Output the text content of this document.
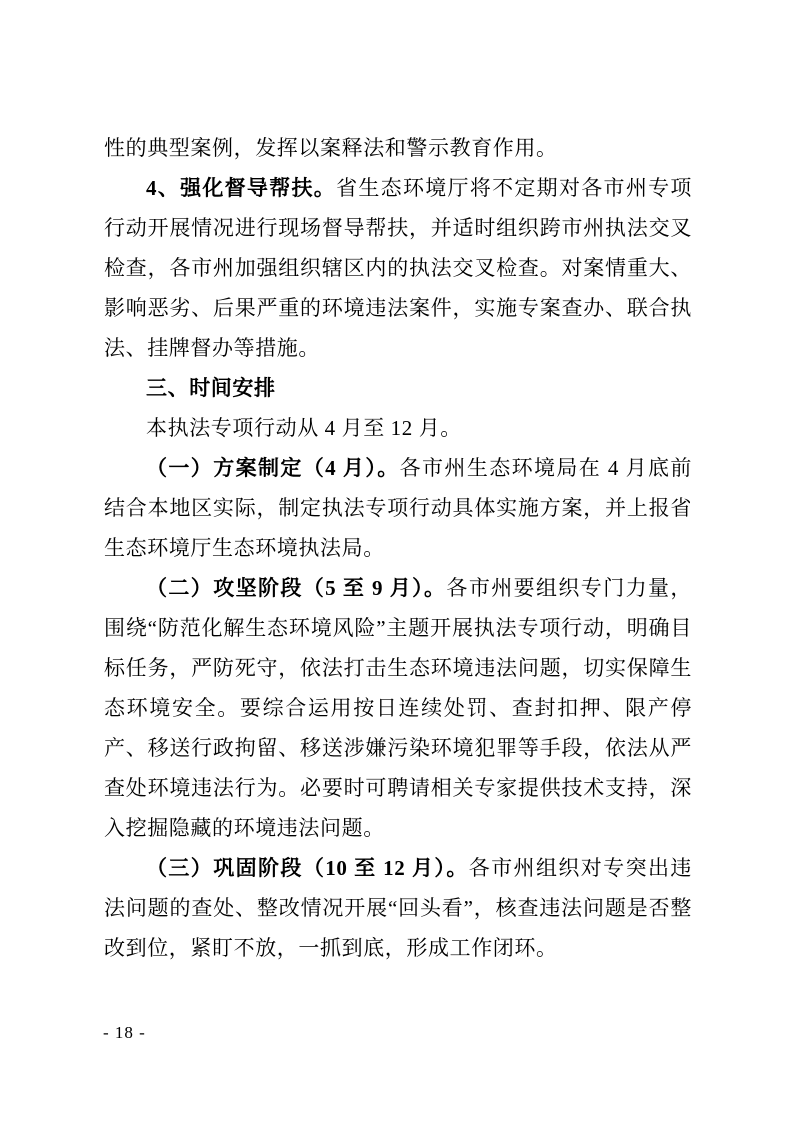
性的典型案例，发挥以案释法和警示教育作用。

4、强化督导帮扶。省生态环境厅将不定期对各市州专项行动开展情况进行现场督导帮扶，并适时组织跨市州执法交叉检查，各市州加强组织辖区内的执法交叉检查。对案情重大、影响恶劣、后果严重的环境违法案件，实施专案查办、联合执法、挂牌督办等措施。

三、时间安排

本执法专项行动从 4 月至 12 月。

（一）方案制定（4 月）。各市州生态环境局在 4 月底前结合本地区实际，制定执法专项行动具体实施方案，并上报省生态环境厅生态环境执法局。

（二）攻坚阶段（5 至 9 月）。各市州要组织专门力量，围绕“防范化解生态环境风险”主题开展执法专项行动，明确目标任务，严防死守，依法打击生态环境违法问题，切实保障生态环境安全。要综合运用按日连续处罚、查封扣押、限产停产、移送行政拘留、移送涉嫌污染环境犯罪等手段，依法从严查处环境违法行为。必要时可聘请相关专家提供技术支持，深入挖掘隐藏的环境违法问题。

（三）巩固阶段（10 至 12 月）。各市州组织对专突出违法问题的查处、整改情况开展“回头看”，核查违法问题是否整改到位，紧盯不放，一抓到底，形成工作闭环。

- 18 -
